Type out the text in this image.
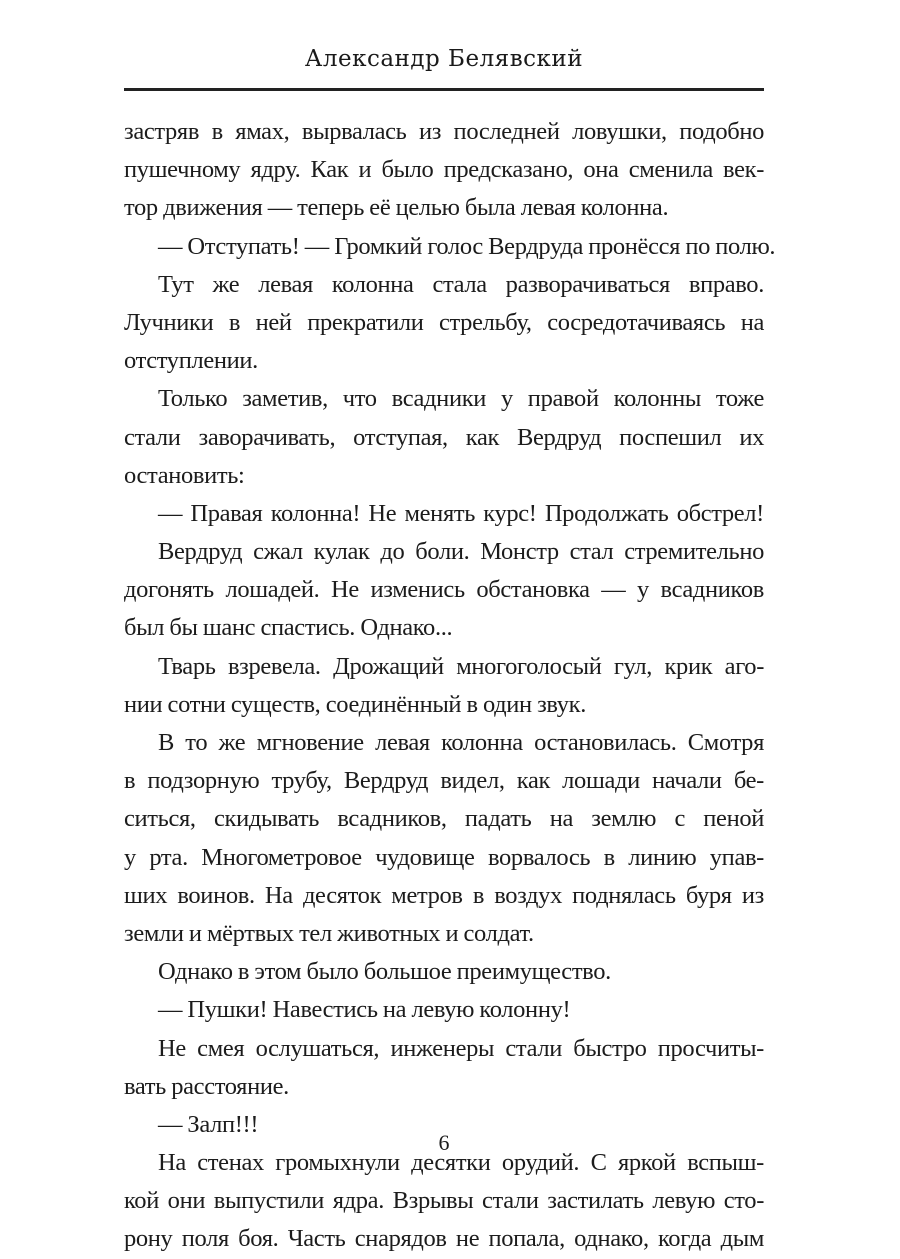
Александр Белявский
застряв в ямах, вырвалась из последней ловушки, подобно
пушечному ядру. Как и было предсказано, она сменила век-
тор движения — теперь её целью была левая колонна.
— Отступать! — Громкий голос Вердруда пронёсся по полю.
Тут же левая колонна стала разворачиваться вправо.
Лучники в ней прекратили стрельбу, сосредотачиваясь на
отступлении.
Только заметив, что всадники у правой колонны тоже
стали заворачивать, отступая, как Вердруд поспешил их
остановить:
— Правая колонна! Не менять курс! Продолжать обстрел!
Вердруд сжал кулак до боли. Монстр стал стремительно
догонять лошадей. Не изменись обстановка — у всадников
был бы шанс спастись. Однако...
Тварь взревела. Дрожащий многоголосый гул, крик аго-
нии сотни существ, соединённый в один звук.
В то же мгновение левая колонна остановилась. Смотря
в подзорную трубу, Вердруд видел, как лошади начали бе-
ситься, скидывать всадников, падать на землю с пеной
у рта. Многометровое чудовище ворвалось в линию упав-
ших воинов. На десяток метров в воздух поднялась буря из
земли и мёртвых тел животных и солдат.
Однако в этом было большое преимущество.
— Пушки! Навестись на левую колонну!
Не смея ослушаться, инженеры стали быстро просчиты-
вать расстояние.
— Залп!!!
На стенах громыхнули десятки орудий. С яркой вспыш-
кой они выпустили ядра. Взрывы стали застилать левую сто-
рону поля боя. Часть снарядов не попала, однако, когда дым
6
